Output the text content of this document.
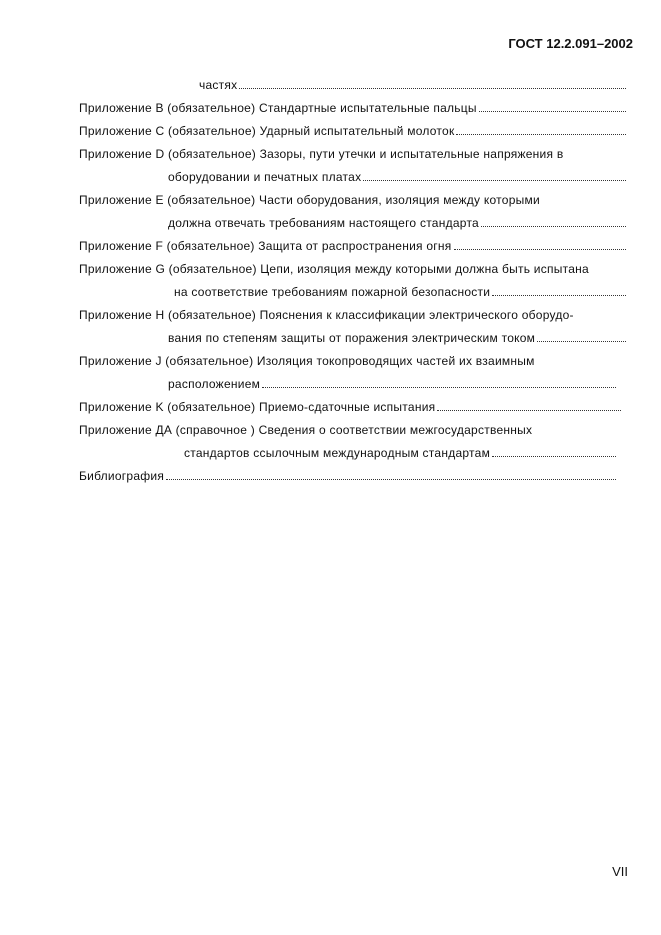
ГОСТ 12.2.091–2002
частях
Приложение B (обязательное) Стандартные испытательные пальцы
Приложение C (обязательное) Ударный испытательный молоток
Приложение D (обязательное) Зазоры, пути утечки и испытательные напряжения в
оборудовании и печатных платах
Приложение E (обязательное) Части оборудования, изоляция между которыми
должна отвечать требованиям настоящего стандарта
Приложение F (обязательное) Защита от распространения огня
Приложение G (обязательное) Цепи, изоляция между которыми должна быть испытана
на соответствие требованиям пожарной безопасности
Приложение H (обязательное) Пояснения к классификации электрического оборудо-
вания по степеням защиты от поражения электрическим током
Приложение J (обязательное) Изоляция токопроводящих частей их взаимным
расположением
Приложение K (обязательное) Приемо-сдаточные испытания
Приложение ДА (справочное ) Сведения о соответствии межгосударственных
стандартов ссылочным международным стандартам
Библиография
VII
